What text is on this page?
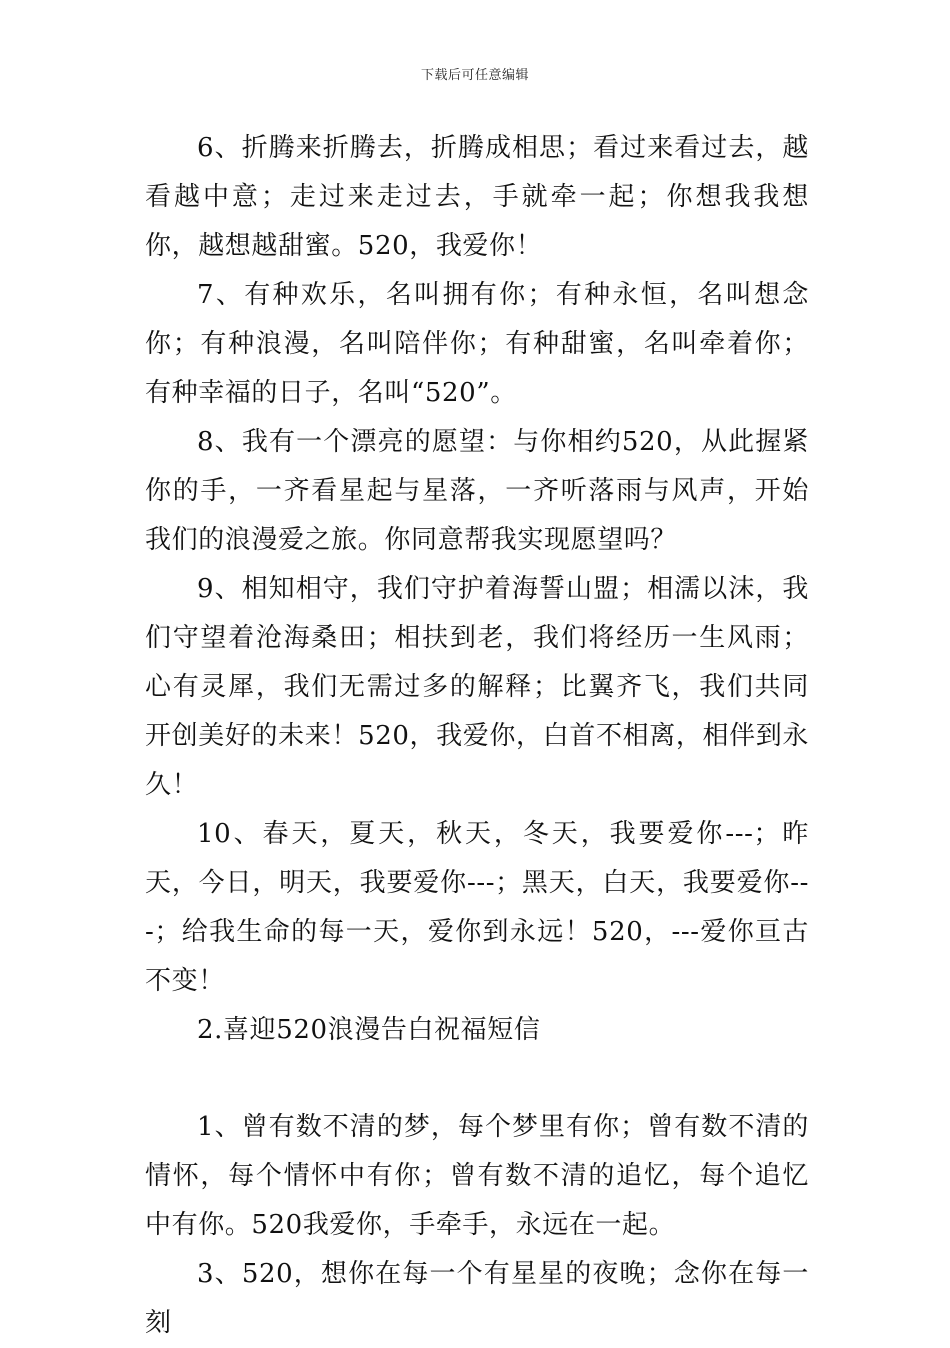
下载后可任意编辑

6、折腾来折腾去，折腾成相思；看过来看过去，越看越中意；走过来走过去，手就牵一起；你想我我想你，越想越甜蜜。520，我爱你！

7、有种欢乐，名叫拥有你；有种永恒，名叫想念你；有种浪漫，名叫陪伴你；有种甜蜜，名叫牵着你；有种幸福的日子，名叫“520”。

8、我有一个漂亮的愿望：与你相约520，从此握紧你的手，一齐看星起与星落，一齐听落雨与风声，开始我们的浪漫爱之旅。你同意帮我实现愿望吗？

9、相知相守，我们守护着海誓山盟；相濡以沫，我们守望着沧海桑田；相扶到老，我们将经历一生风雨；心有灵犀，我们无需过多的解释；比翼齐飞，我们共同开创美好的未来！520，我爱你，白首不相离，相伴到永久！

10、春天，夏天，秋天，冬天，我要爱你---；昨天，今日，明天，我要爱你---；黑天，白天，我要爱你---；给我生命的每一天，爱你到永远！520，---爱你亘古不变！

2.喜迎520浪漫告白祝福短信

1、曾有数不清的梦，每个梦里有你；曾有数不清的情怀，每个情怀中有你；曾有数不清的追忆，每个追忆中有你。520我爱你，手牵手，永远在一起。

3、520，想你在每一个有星星的夜晚；念你在每一刻
